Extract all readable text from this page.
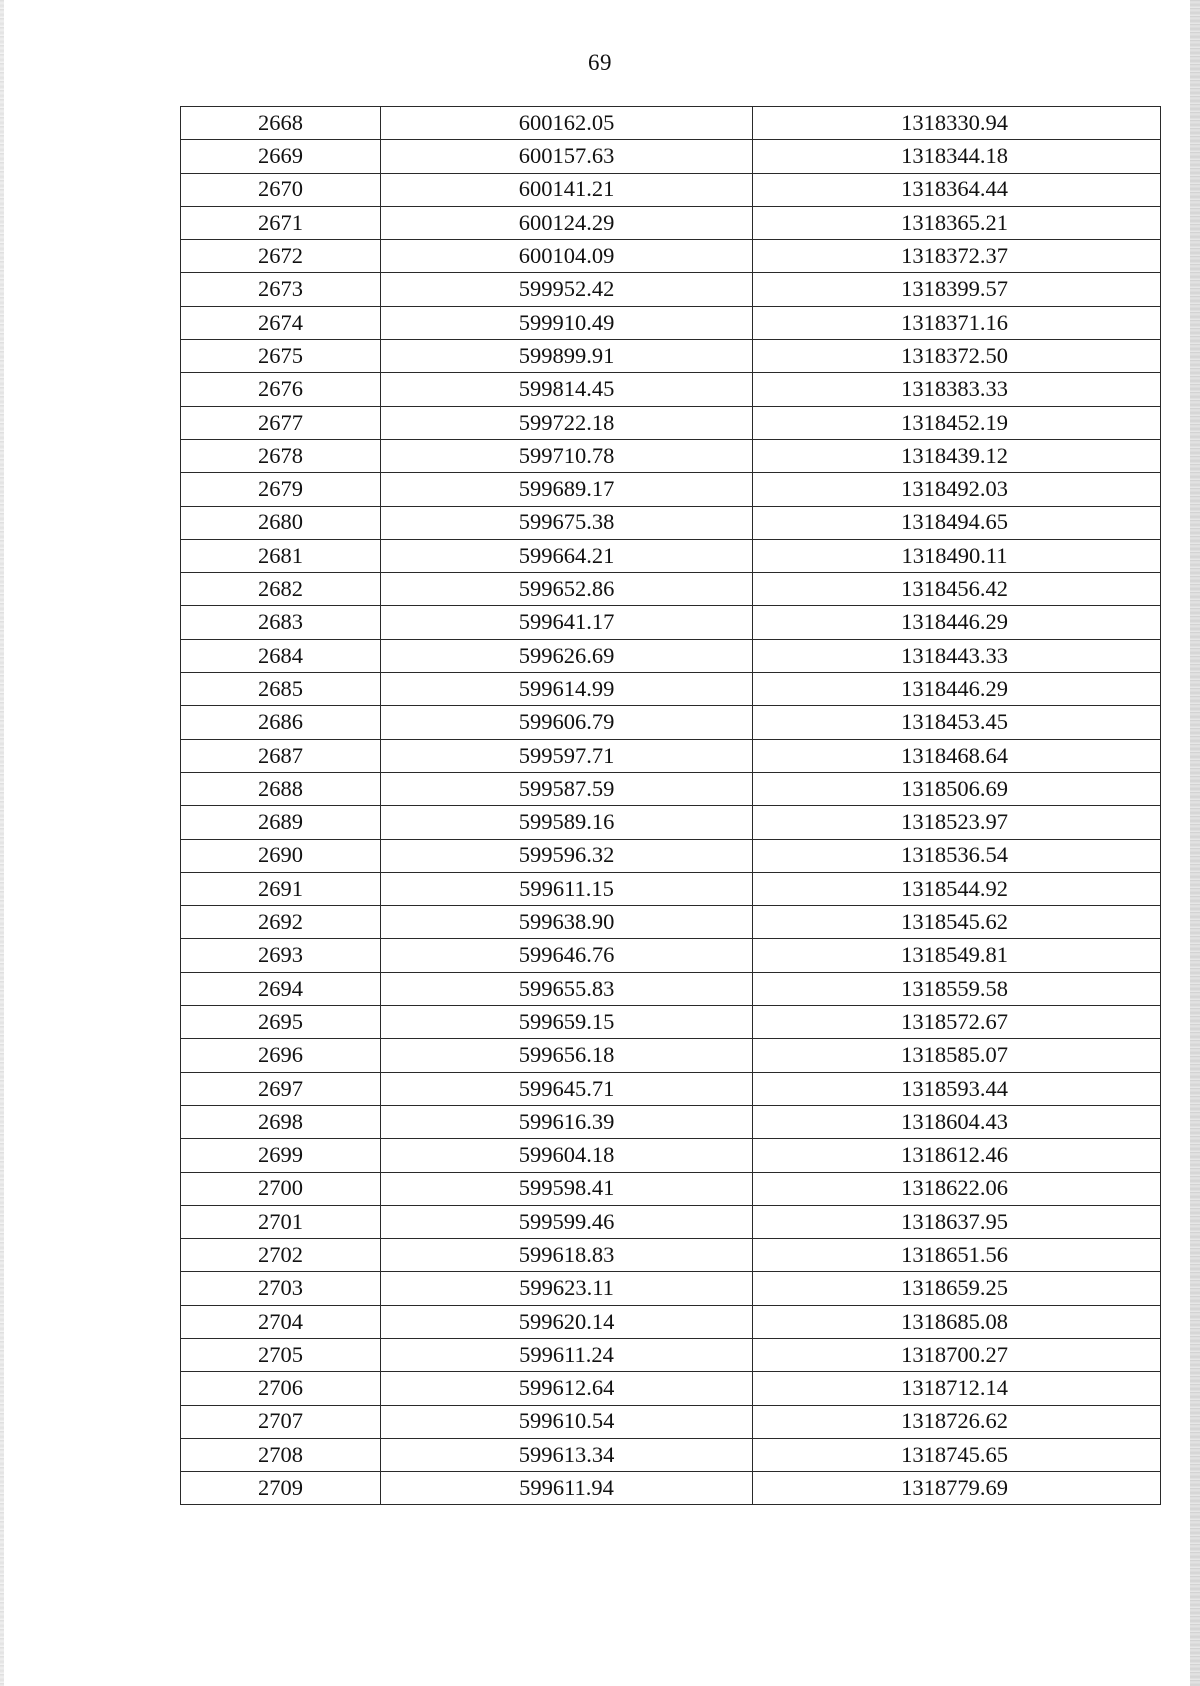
69
2668	600162.05	1318330.94
2669	600157.63	1318344.18
2670	600141.21	1318364.44
2671	600124.29	1318365.21
2672	600104.09	1318372.37
2673	599952.42	1318399.57
2674	599910.49	1318371.16
2675	599899.91	1318372.50
2676	599814.45	1318383.33
2677	599722.18	1318452.19
2678	599710.78	1318439.12
2679	599689.17	1318492.03
2680	599675.38	1318494.65
2681	599664.21	1318490.11
2682	599652.86	1318456.42
2683	599641.17	1318446.29
2684	599626.69	1318443.33
2685	599614.99	1318446.29
2686	599606.79	1318453.45
2687	599597.71	1318468.64
2688	599587.59	1318506.69
2689	599589.16	1318523.97
2690	599596.32	1318536.54
2691	599611.15	1318544.92
2692	599638.90	1318545.62
2693	599646.76	1318549.81
2694	599655.83	1318559.58
2695	599659.15	1318572.67
2696	599656.18	1318585.07
2697	599645.71	1318593.44
2698	599616.39	1318604.43
2699	599604.18	1318612.46
2700	599598.41	1318622.06
2701	599599.46	1318637.95
2702	599618.83	1318651.56
2703	599623.11	1318659.25
2704	599620.14	1318685.08
2705	599611.24	1318700.27
2706	599612.64	1318712.14
2707	599610.54	1318726.62
2708	599613.34	1318745.65
2709	599611.94	1318779.69
